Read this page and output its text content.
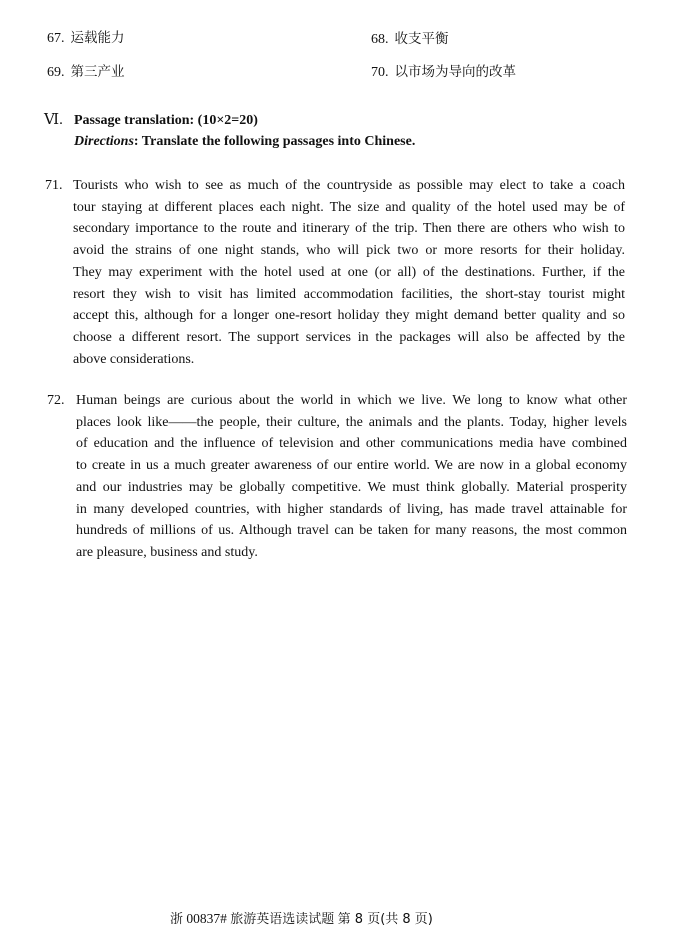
67. 运载能力	68. 收支平衡
69. 第三产业	70. 以市场为导向的改革
Ⅵ. Passage translation: (10×2=20)
Directions: Translate the following passages into Chinese.
71. Tourists who wish to see as much of the countryside as possible may elect to take a coach
tour staying at different places each night. The size and quality of the hotel used may be of
secondary importance to the route and itinerary of the trip. Then there are others who wish to
avoid the strains of one night stands, who will pick two or more resorts for their holiday.
They may experiment with the hotel used at one (or all) of the destinations. Further, if the
resort they wish to visit has limited accommodation facilities, the short-stay tourist might
accept this, although for a longer one-resort holiday they might demand better quality and so
choose a different resort. The support services in the packages will also be affected by the
above considerations.
72. Human beings are curious about the world in which we live. We long to know what other
places look like——the people, their culture, the animals and the plants. Today, higher levels
of education and the influence of television and other communications media have combined
to create in us a much greater awareness of our entire world. We are now in a global economy
and our industries may be globally competitive. We must think globally. Material prosperity
in many developed countries, with higher standards of living, has made travel attainable for
hundreds of millions of us. Although travel can be taken for many reasons, the most common
are pleasure, business and study.
浙 00837# 旅游英语选读试题 第 8 页(共 8 页)
